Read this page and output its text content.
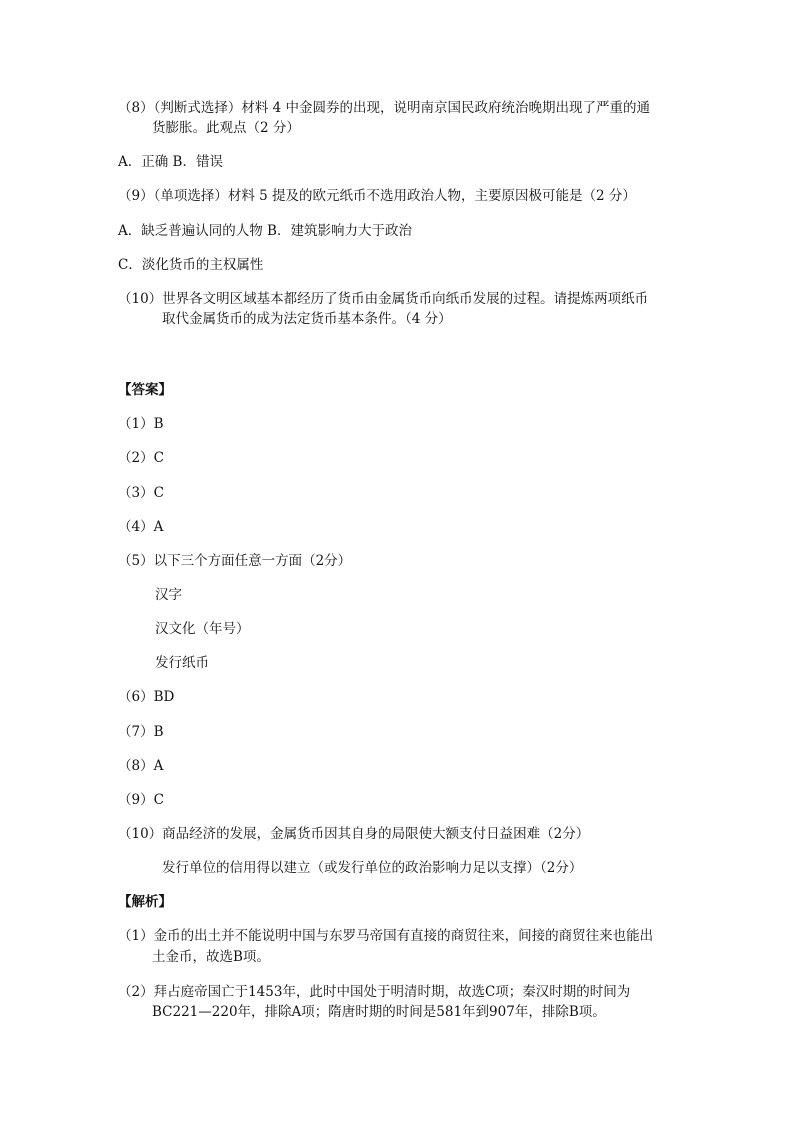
（8）（判断式选择）材料 4 中金圆券的出现，说明南京国民政府统治晚期出现了严重的通
货膨胀。此观点（2 分）
A．正确 B．错误
（9）（单项选择）材料 5 提及的欧元纸币不选用政治人物，主要原因极可能是（2 分）
A．缺乏普遍认同的人物 B．建筑影响力大于政治
C．淡化货币的主权属性
（10）世界各文明区域基本都经历了货币由金属货币向纸币发展的过程。请提炼两项纸币
取代金属货币的成为法定货币基本条件。（4 分）
【答案】
（1）B
（2）C
（3）C
（4）A
（5）以下三个方面任意一方面（2分）
汉字
汉文化（年号）
发行纸币
（6）BD
（7）B
（8）A
（9）C
（10）商品经济的发展，金属货币因其自身的局限使大额支付日益困难（2分）
发行单位的信用得以建立（或发行单位的政治影响力足以支撑）（2分）
【解析】
（1）金币的出土并不能说明中国与东罗马帝国有直接的商贸往来，间接的商贸往来也能出
土金币，故选B项。
（2）拜占庭帝国亡于1453年，此时中国处于明清时期，故选C项；秦汉时期的时间为
BC221—220年，排除A项；隋唐时期的时间是581年到907年，排除B项。
